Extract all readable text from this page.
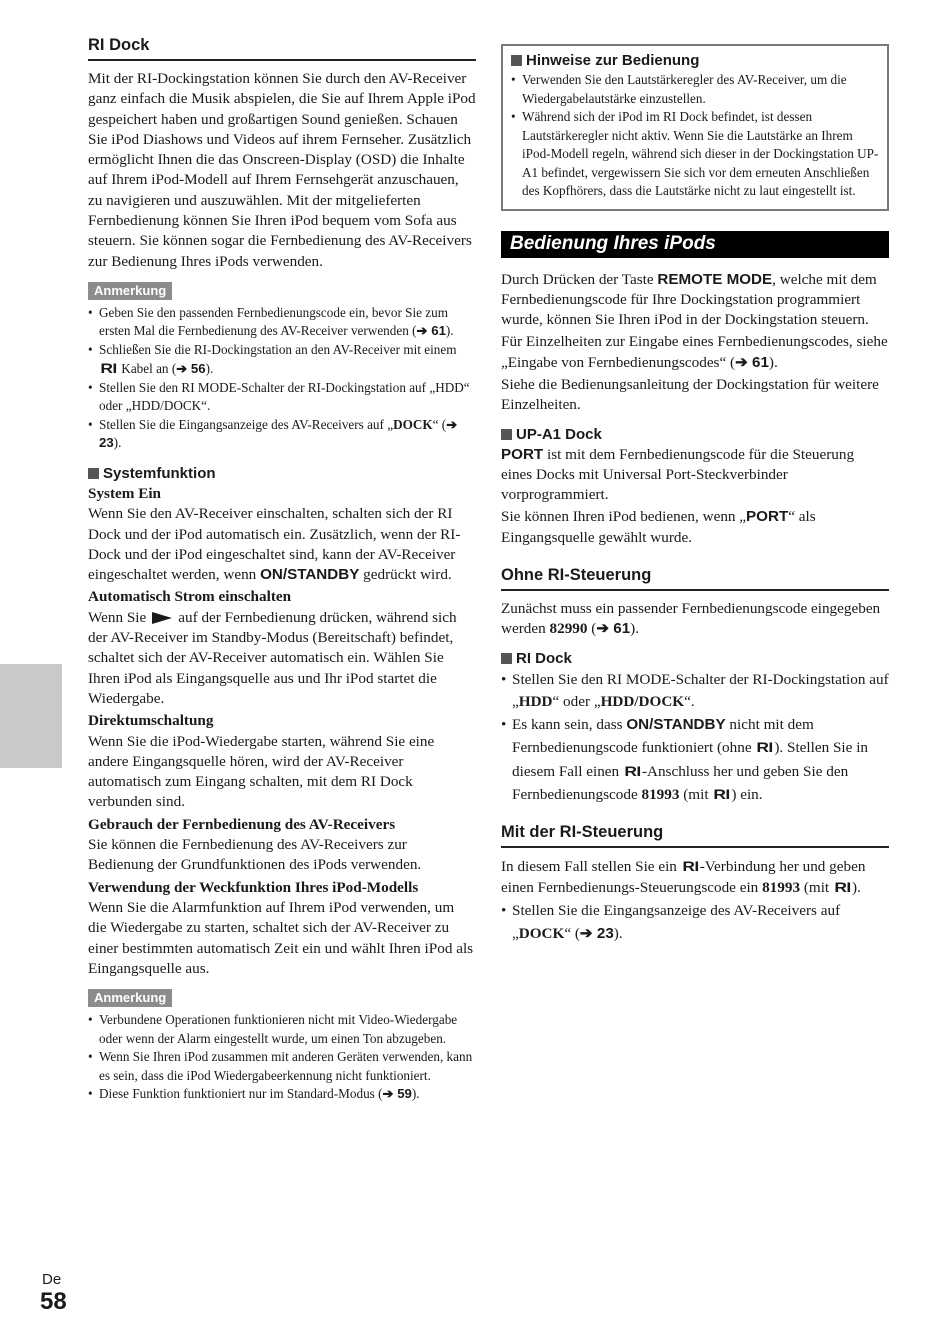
RI Dock

Mit der RI-Dockingstation können Sie durch den AV-Receiver ganz einfach die Musik abspielen, die Sie auf Ihrem Apple iPod gespeichert haben und großartigen Sound genießen. Schauen Sie iPod Diashows und Videos auf ihrem Fernseher. Zusätzlich ermöglicht Ihnen die das Onscreen-Display (OSD) die Inhalte auf Ihrem iPod-Modell auf Ihrem Fernsehgerät anzuschauen, zu navigieren und auszuwählen. Mit der mitgelieferten Fernbedienung können Sie Ihren iPod bequem vom Sofa aus steuern. Sie können sogar die Fernbedienung des AV-Receivers zur Bedienung Ihres iPods verwenden.

Anmerkung
• Geben Sie den passenden Fernbedienungscode ein, bevor Sie zum ersten Mal die Fernbedienung des AV-Receiver verwenden (➔ 61).
• Schließen Sie die RI-Dockingstation an den AV-Receiver mit einem RI Kabel an (➔ 56).
• Stellen Sie den RI MODE-Schalter der RI-Dockingstation auf „HDD“ oder „HDD/DOCK“.
• Stellen Sie die Eingangsanzeige des AV-Receivers auf „DOCK“ (➔ 23).
Systemfunktion

System Ein

Wenn Sie den AV-Receiver einschalten, schalten sich der RI Dock und der iPod automatisch ein. Zusätzlich, wenn der RI-Dock und der iPod eingeschaltet sind, kann der AV-Receiver eingeschaltet werden, wenn ON/STANDBY gedrückt wird.

Automatisch Strom einschalten

Wenn Sie auf der Fernbedienung drücken, während sich der AV-Receiver im Standby-Modus (Bereitschaft) befindet, schaltet sich der AV-Receiver automatisch ein. Wählen Sie Ihren iPod als Eingangsquelle aus und Ihr iPod startet die Wiedergabe.

Direktumschaltung

Wenn Sie die iPod-Wiedergabe starten, während Sie eine andere Eingangsquelle hören, wird der AV-Receiver automatisch zum Eingang schalten, mit dem RI Dock verbunden sind.

Gebrauch der Fernbedienung des AV-Receivers

Sie können die Fernbedienung des AV-Receivers zur Bedienung der Grundfunktionen des iPods verwenden.

Verwendung der Weckfunktion Ihres iPod-Modells

Wenn Sie die Alarmfunktion auf Ihrem iPod verwenden, um die Wiedergabe zu starten, schaltet sich der AV-Receiver zu einer bestimmten automatisch Zeit ein und wählt Ihren iPod als Eingangsquelle aus.

Anmerkung
• Verbundene Operationen funktionieren nicht mit Video-Wiedergabe oder wenn der Alarm eingestellt wurde, um einen Ton abzugeben.
• Wenn Sie Ihren iPod zusammen mit anderen Geräten verwenden, kann es sein, dass die iPod Wiedergabeerkennung nicht funktioniert.
• Diese Funktion funktioniert nur im Standard-Modus (➔ 59).
Hinweise zur Bedienung
• Verwenden Sie den Lautstärkeregler des AV-Receiver, um die Wiedergabelautstärke einzustellen.
• Während sich der iPod im RI Dock befindet, ist dessen Lautstärkeregler nicht aktiv. Wenn Sie die Lautstärke an Ihrem iPod-Modell regeln, während sich dieser in der Dockingstation UP-A1 befindet, vergewissern Sie sich vor dem erneuten Anschließen des Kopfhörers, dass die Lautstärke nicht zu laut eingestellt ist.
Bedienung Ihres iPods

Durch Drücken der Taste REMOTE MODE, welche mit dem Fernbedienungscode für Ihre Dockingstation programmiert wurde, können Sie Ihren iPod in der Dockingstation steuern.

Für Einzelheiten zur Eingabe eines Fernbedienungscodes, siehe „Eingabe von Fernbedienungscodes“ (➔ 61).

Siehe die Bedienungsanleitung der Dockingstation für weitere Einzelheiten.

UP-A1 Dock

PORT ist mit dem Fernbedienungscode für die Steuerung eines Docks mit Universal Port-Steckverbinder vorprogrammiert.

Sie können Ihren iPod bedienen, wenn „PORT“ als Eingangsquelle gewählt wurde.

Ohne RI-Steuerung

Zunächst muss ein passender Fernbedienungscode eingegeben werden 82990 (➔ 61).

RI Dock
• Stellen Sie den RI MODE-Schalter der RI-Dockingstation auf „HDD“ oder „HDD/DOCK“.
• Es kann sein, dass ON/STANDBY nicht mit dem Fernbedienungscode funktioniert (ohne RI). Stellen Sie in diesem Fall einen RI-Anschluss her und geben Sie den Fernbedienungscode 81993 (mit RI) ein.
Mit der RI-Steuerung

In diesem Fall stellen Sie ein RI-Verbindung her und geben einen Fernbedienungs-Steuerungscode ein 81993 (mit RI).

• Stellen Sie die Eingangsanzeige des AV-Receivers auf „DOCK“ (➔ 23).
De
58
